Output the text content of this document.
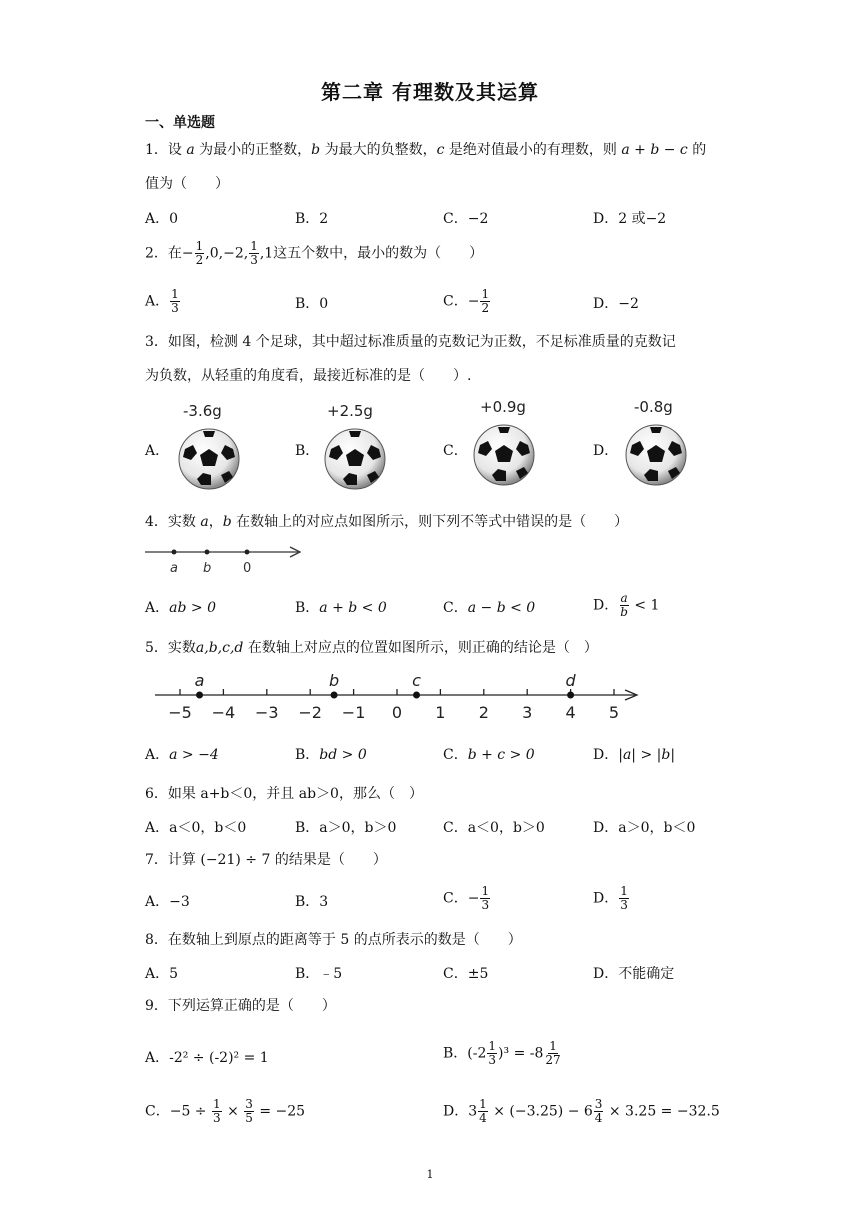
第二章 有理数及其运算
一、单选题
1．设 a 为最小的正整数，b 为最大的负整数，c 是绝对值最小的有理数，则 a + b − c 的
值为（　　）
A．0	B．2	C．−2	D．2 或−2
2．在− $\frac{1}{2} ,0,-2$, $\frac{1}{3} ,1$这五个数中，最小的数为（　　）
A． $\frac{1}{3}$	B．0	C．− $\frac{1}{2}$	D．−2
3．如图，检测 4 个足球，其中超过标准质量的克数记为正数，不足标准质量的克数记
为负数，从轻重的角度看，最接近标准的是（　　）.
A．	B．	C．	D．
-3.6g	+2.5g	+0.9g	-0.8g
4．实数 a，b 在数轴上的对应点如图所示，则下列不等式中错误的是（　　）
a b 0
A．ab > 0	B．a + b < 0	C．a − b < 0	D． $\frac{a}{b} < 1$
5．实数a,b,c,d 在数轴上对应点的位置如图所示，则正确的结论是（　）
−5 −4 −3 −2 −1 0 1 2 3 4 5
a	b	c	d
A．a > −4	B．bd > 0	C．b + c > 0	D．|a| > |b|
6．如果 a+b＜0，并且 ab＞0，那么（　）
A．a＜0，b＜0	B．a＞0，b＞0	C．a＜0，b＞0	D．a＞0，b＜0
7．计算 (−21) ÷ 7 的结果是（　　）
A．−3	B．3	C．− $\frac{1}{3}$	D． $\frac{1}{3}$
8．在数轴上到原点的距离等于 5 的点所表示的数是（　　）
A．5	B．﹣5	C．±5	D．不能确定
9．下列运算正确的是（　　）
A．-2² ÷ (-2)² = 1	B．$(-2 \frac{1}{3} )^3 = -8 \frac{1}{27}$
C．$-5 \div \frac{1}{3} \times \frac{3}{5} = -25$	D．$3 \frac{1}{4} \times (-3.25) - 6 \frac{3}{4} \times 3.25 = -32.5$
1
